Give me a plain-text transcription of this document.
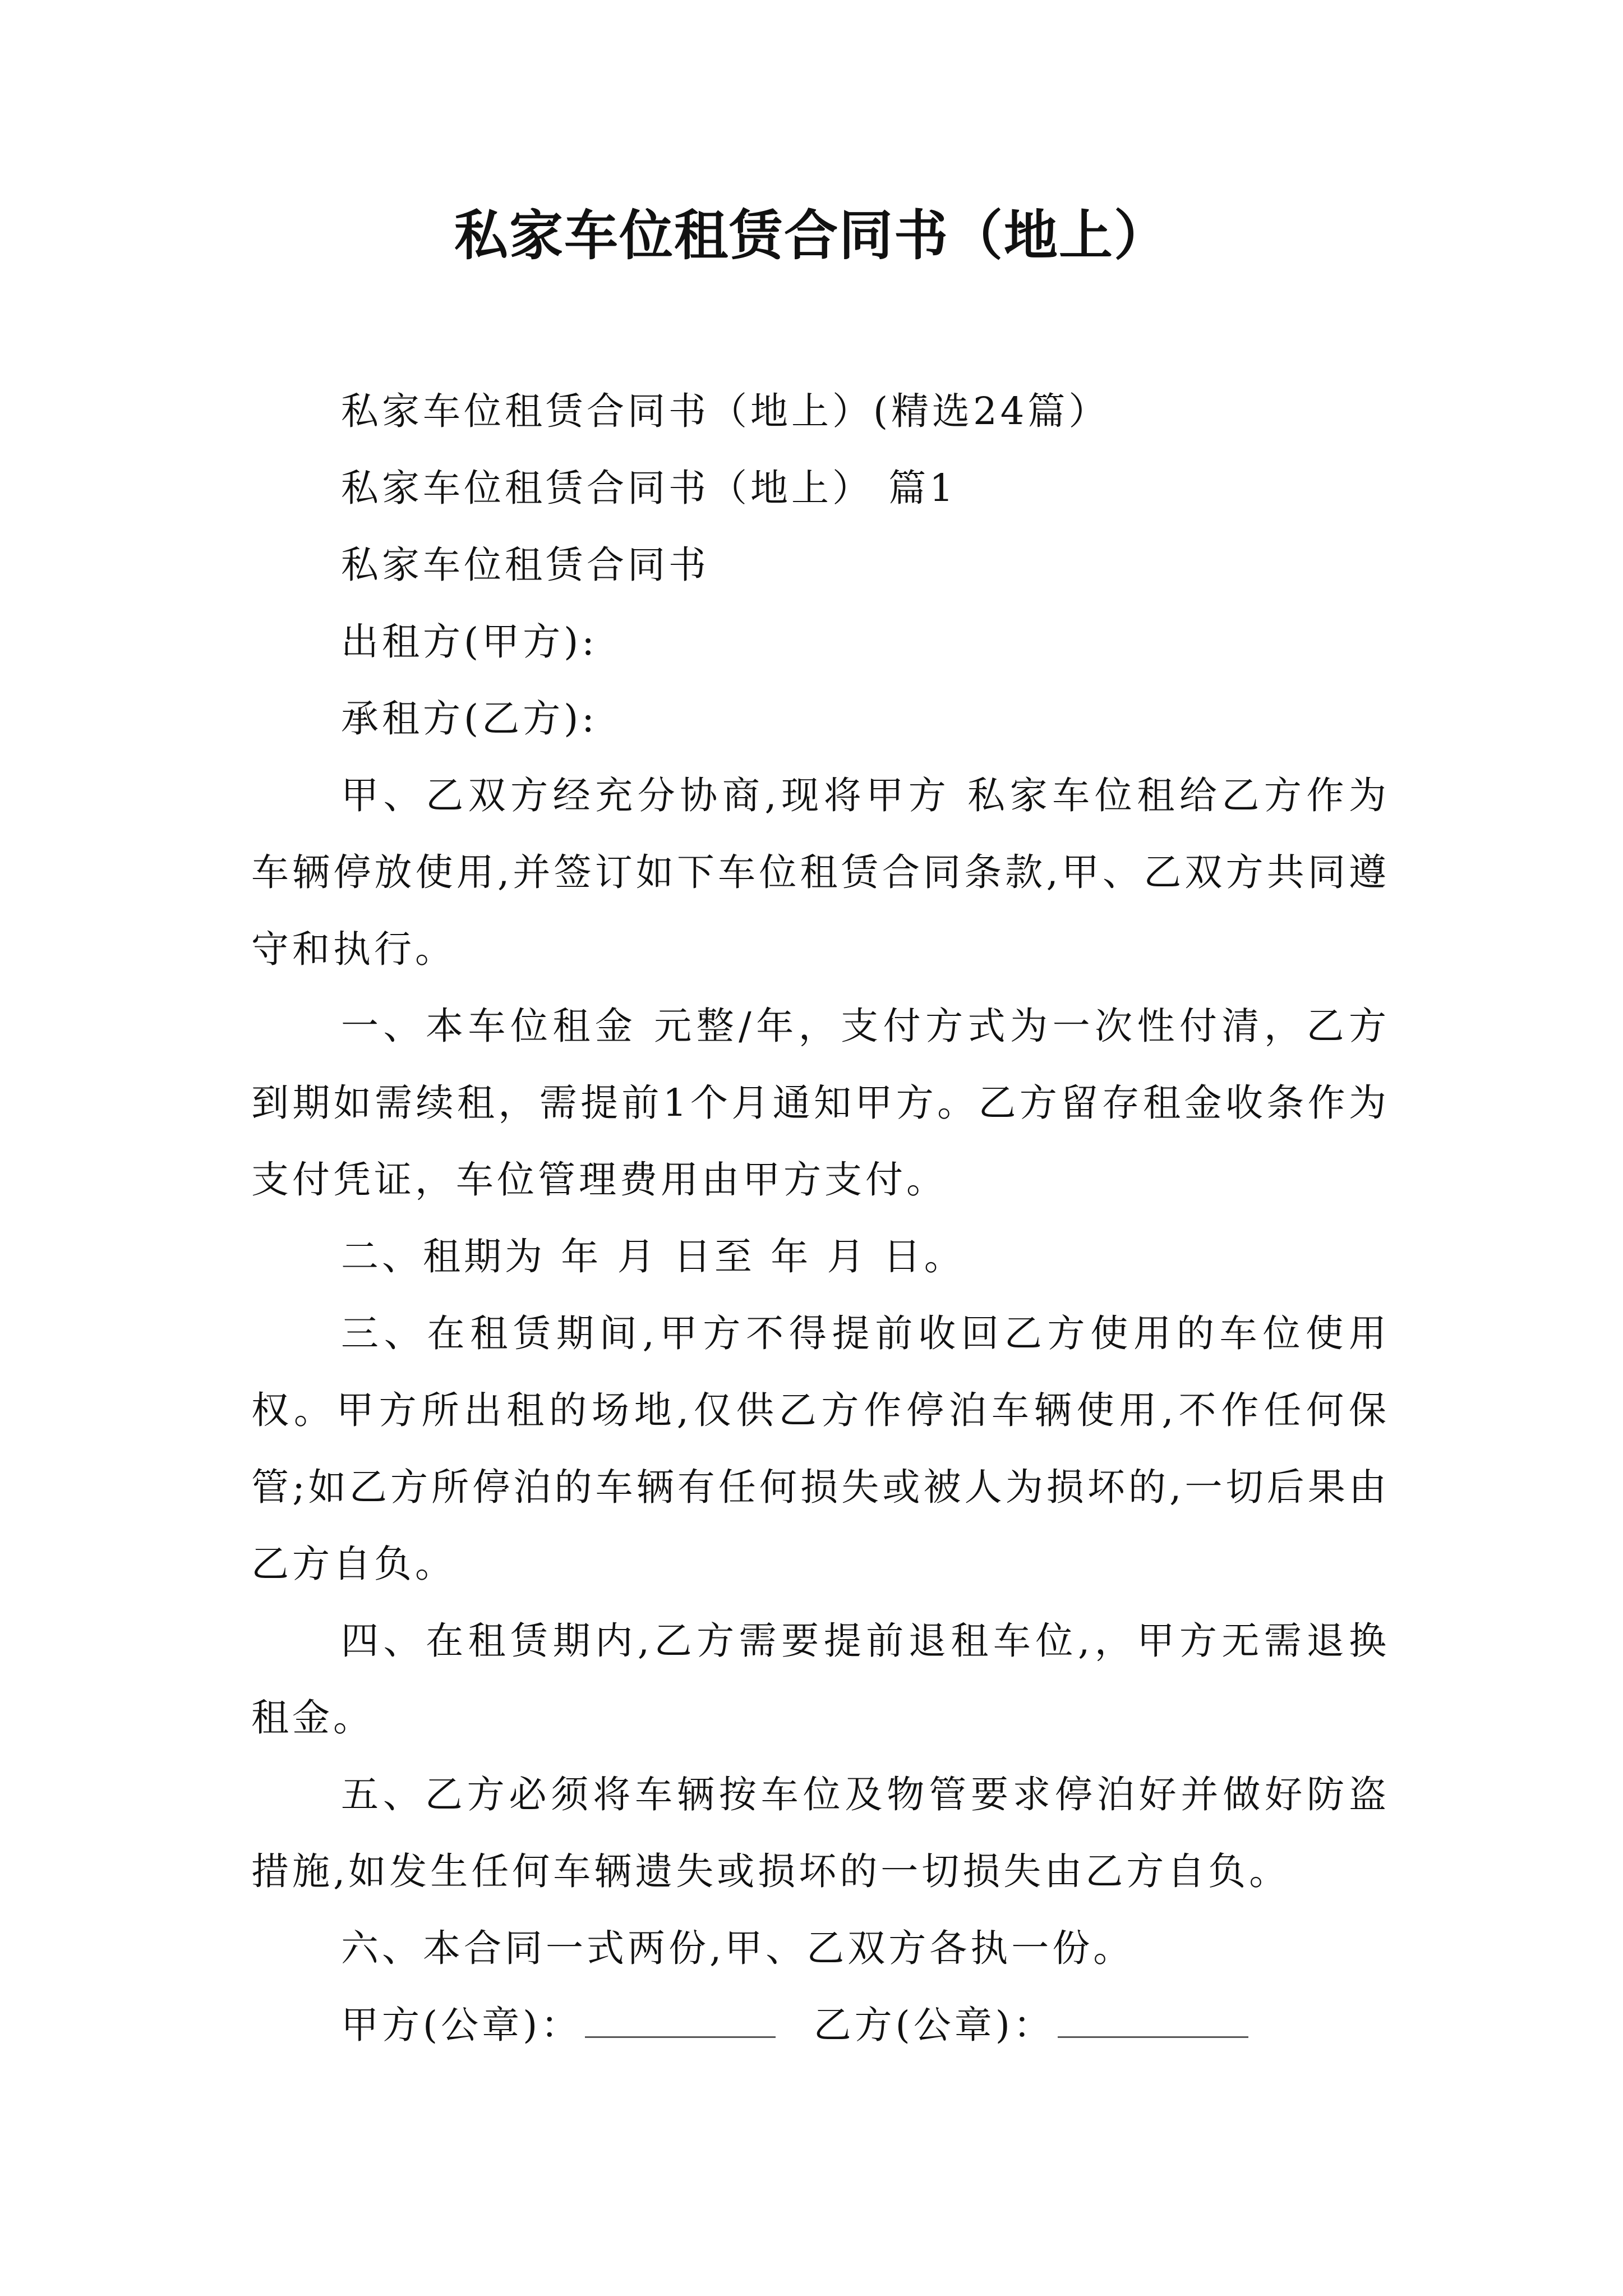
私家车位租赁合同书（地上）

私家车位租赁合同书（地上）(精选24篇）

私家车位租赁合同书（地上） 篇1

私家车位租赁合同书

出租方(甲方):

承租方(乙方):

甲、乙双方经充分协商,现将甲方 私家车位租给乙方作为车辆停放使用,并签订如下车位租赁合同条款,甲、乙双方共同遵守和执行。

一、本车位租金 元整/年，支付方式为一次性付清，乙方到期如需续租，需提前1个月通知甲方。乙方留存租金收条作为支付凭证，车位管理费用由甲方支付。

二、租期为 年 月 日至 年 月 日。

三、在租赁期间,甲方不得提前收回乙方使用的车位使用权。甲方所出租的场地,仅供乙方作停泊车辆使用,不作任何保管;如乙方所停泊的车辆有任何损失或被人为损坏的,一切后果由乙方自负。

四、在租赁期内,乙方需要提前退租车位,，甲方无需退换租金。

五、乙方必须将车辆按车位及物管要求停泊好并做好防盗措施,如发生任何车辆遗失或损坏的一切损失由乙方自负。

六、本合同一式两份,甲、乙双方各执一份。

甲方(公章)：	乙方(公章)：
